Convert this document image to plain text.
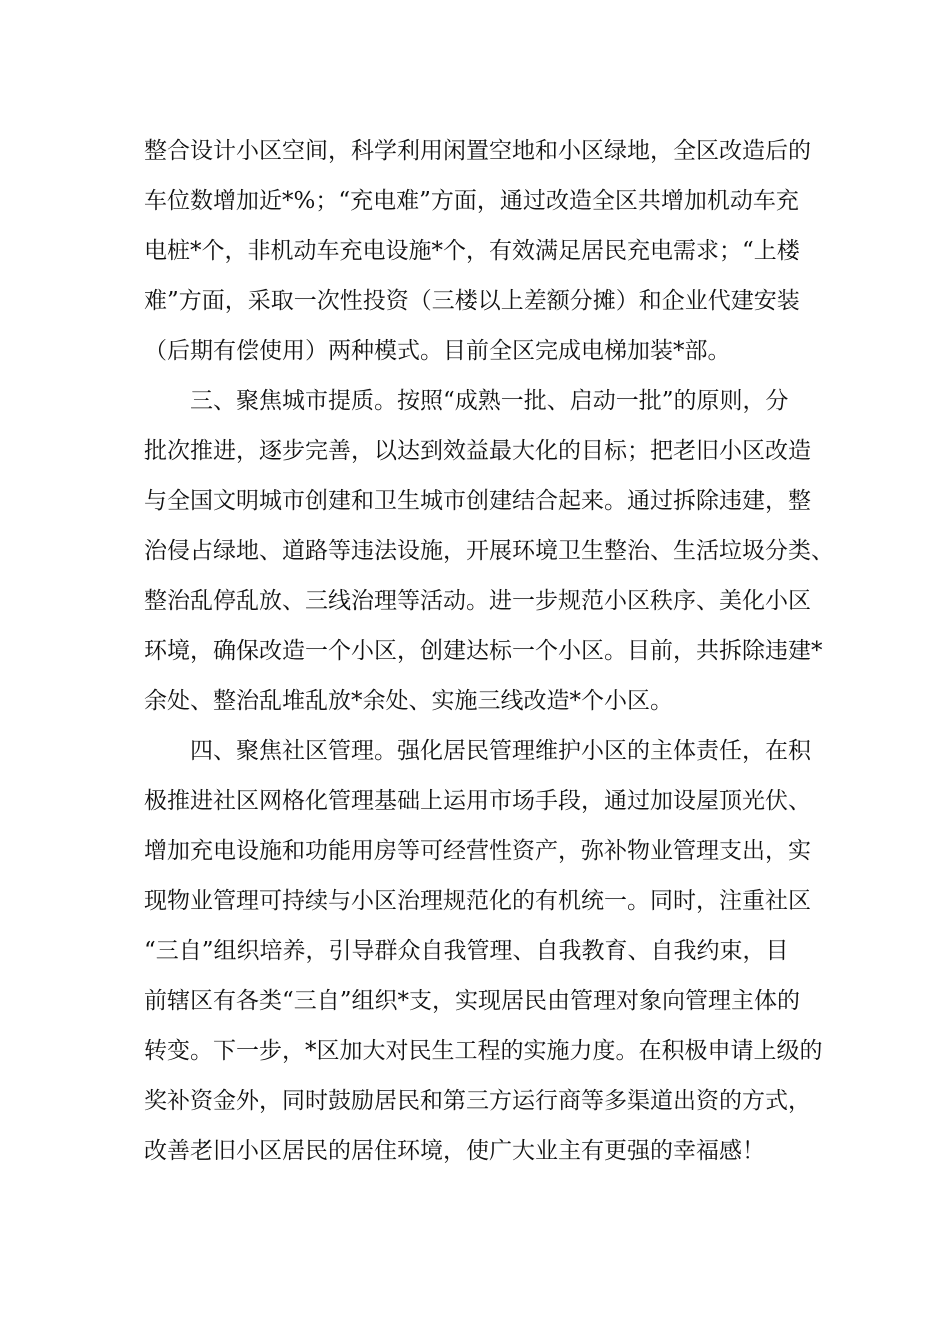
整合设计小区空间，科学利用闲置空地和小区绿地，全区改造后的
车位数增加近*%；“充电难”方面，通过改造全区共增加机动车充
电桩*个，非机动车充电设施*个，有效满足居民充电需求；“上楼
难”方面，采取一次性投资（三楼以上差额分摊）和企业代建安装
（后期有偿使用）两种模式。目前全区完成电梯加装*部。
三、聚焦城市提质。按照“成熟一批、启动一批”的原则，分
批次推进，逐步完善，以达到效益最大化的目标；把老旧小区改造
与全国文明城市创建和卫生城市创建结合起来。通过拆除违建，整
治侵占绿地、道路等违法设施，开展环境卫生整治、生活垃圾分类、
整治乱停乱放、三线治理等活动。进一步规范小区秩序、美化小区
环境，确保改造一个小区，创建达标一个小区。目前，共拆除违建*
余处、整治乱堆乱放*余处、实施三线改造*个小区。
四、聚焦社区管理。强化居民管理维护小区的主体责任，在积
极推进社区网格化管理基础上运用市场手段，通过加设屋顶光伏、
增加充电设施和功能用房等可经营性资产，弥补物业管理支出，实
现物业管理可持续与小区治理规范化的有机统一。同时，注重社区
“三自”组织培养，引导群众自我管理、自我教育、自我约束，目
前辖区有各类“三自”组织*支，实现居民由管理对象向管理主体的
转变。下一步，*区加大对民生工程的实施力度。在积极申请上级的
奖补资金外，同时鼓励居民和第三方运行商等多渠道出资的方式，
改善老旧小区居民的居住环境，使广大业主有更强的幸福感！
